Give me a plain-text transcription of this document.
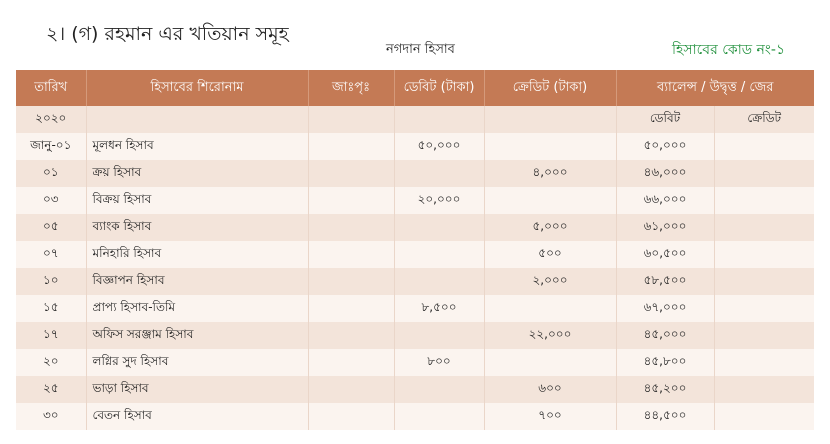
২। (গ) রহমান এর খতিয়ান সমূহ
নগদান হিসাব	হিসাবের কোড নং-১
তারিখ	হিসাবের শিরোনাম	জাঃপৃঃ	ডেবিট (টাকা)	ক্রেডিট (টাকা)	ব্যালেন্স / উদ্বৃত্ত / জের	
২০২০					ডেবিট	ক্রেডিট
জানু-০১	মূলধন হিসাব		৫০,০০০		৫০,০০০	
০১	ক্রয় হিসাব			৪,০০০	৪৬,০০০	
০৩	বিক্রয় হিসাব		২০,০০০		৬৬,০০০	
০৫	ব্যাংক হিসাব			৫,০০০	৬১,০০০	
০৭	মনিহারি হিসাব			৫০০	৬০,৫০০	
১০	বিজ্ঞাপন হিসাব			২,০০০	৫৮,৫০০	
১৫	প্রাপ্য হিসাব-তিমি		৮,৫০০		৬৭,০০০	
১৭	অফিস সরঞ্জাম হিসাব			২২,০০০	৪৫,০০০	
২০	লগ্নির সুদ হিসাব		৮০০		৪৫,৮০০	
২৫	ভাড়া হিসাব			৬০০	৪৫,২০০	
৩০	বেতন হিসাব			৭০০	৪৪,৫০০	
